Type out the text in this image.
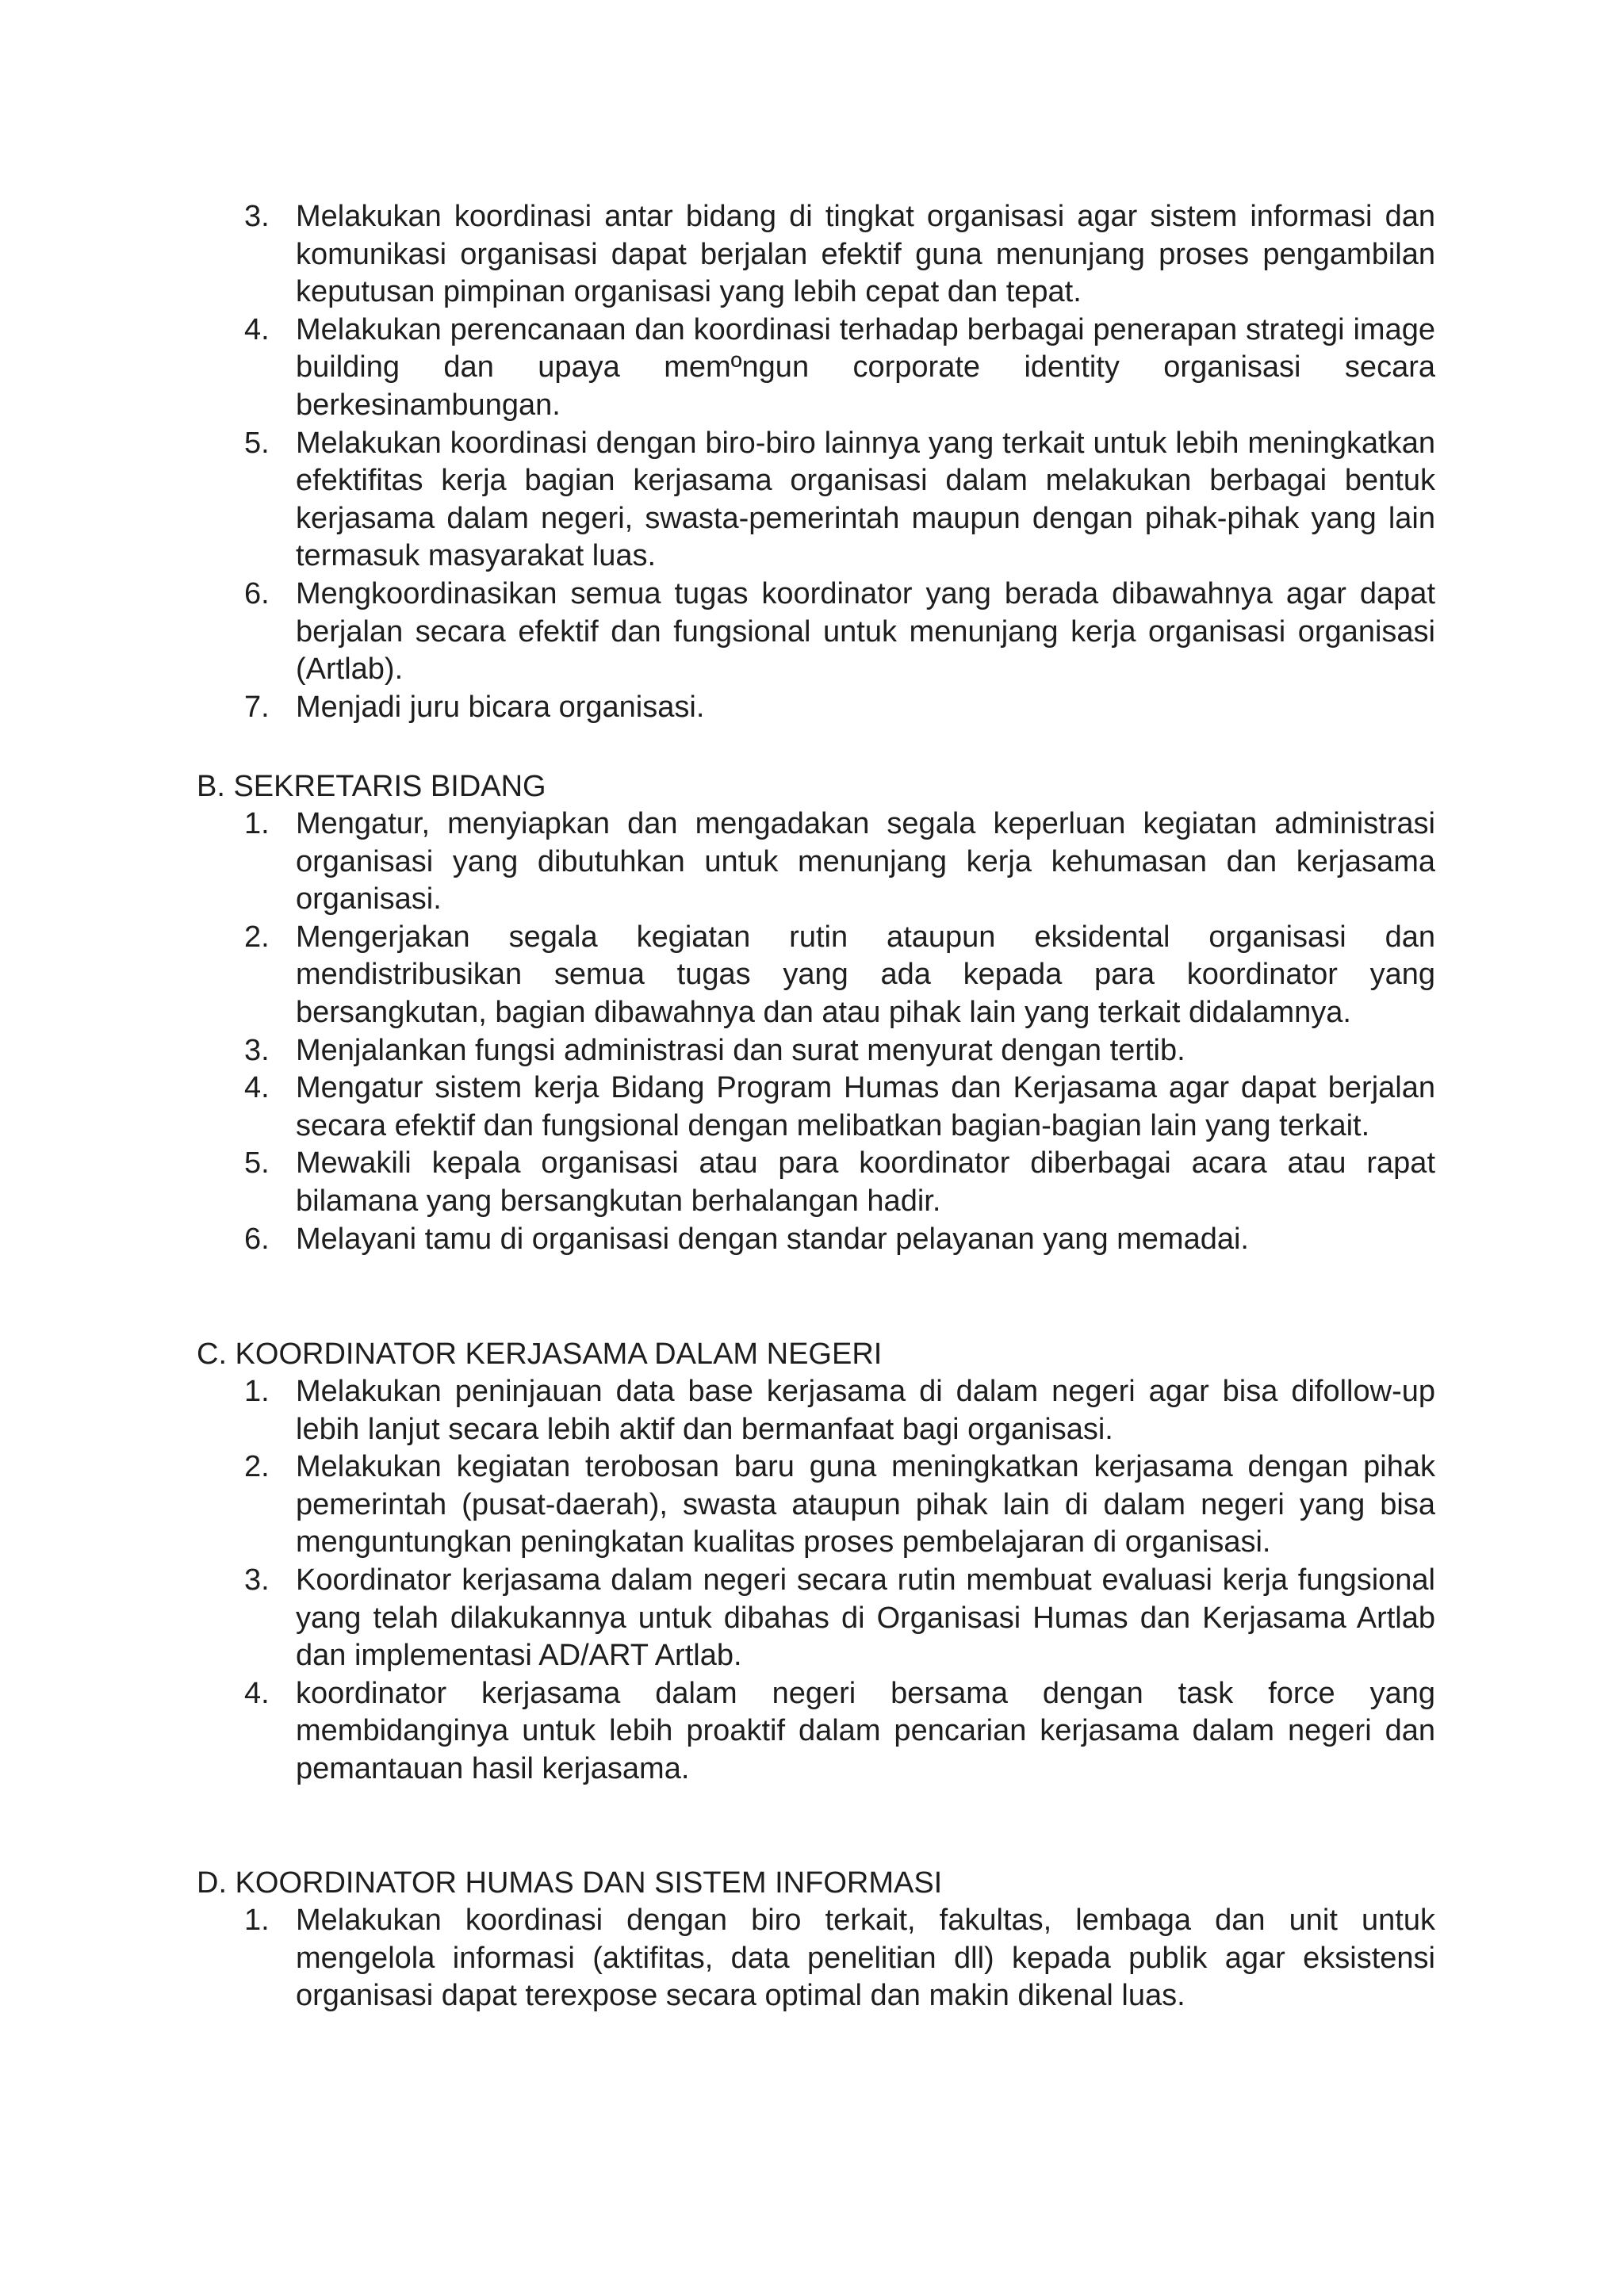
3. Melakukan koordinasi antar bidang di tingkat organisasi agar sistem informasi dan komunikasi organisasi dapat berjalan efektif guna menunjang proses pengambilan keputusan pimpinan organisasi yang lebih cepat dan tepat.
4. Melakukan perencanaan dan koordinasi terhadap berbagai penerapan strategi image building dan upaya memºngun corporate identity organisasi secara berkesinambungan.
5. Melakukan koordinasi dengan biro-biro lainnya yang terkait untuk lebih meningkatkan efektifitas kerja bagian kerjasama organisasi dalam melakukan berbagai bentuk kerjasama dalam negeri, swasta-pemerintah maupun dengan pihak-pihak yang lain termasuk masyarakat luas.
6. Mengkoordinasikan semua tugas koordinator yang berada dibawahnya agar dapat berjalan secara efektif dan fungsional untuk menunjang kerja organisasi organisasi (Artlab).
7. Menjadi juru bicara organisasi.
B. SEKRETARIS BIDANG
1. Mengatur, menyiapkan dan mengadakan segala keperluan kegiatan administrasi organisasi yang dibutuhkan untuk menunjang kerja kehumasan dan kerjasama organisasi.
2. Mengerjakan segala kegiatan rutin ataupun eksidental organisasi dan mendistribusikan semua tugas yang ada kepada para koordinator yang bersangkutan, bagian dibawahnya dan atau pihak lain yang terkait didalamnya.
3. Menjalankan fungsi administrasi dan surat menyurat dengan tertib.
4. Mengatur sistem kerja Bidang Program Humas dan Kerjasama agar dapat berjalan secara efektif dan fungsional dengan melibatkan bagian-bagian lain yang terkait.
5. Mewakili kepala organisasi atau para koordinator diberbagai acara atau rapat bilamana yang bersangkutan berhalangan hadir.
6. Melayani tamu di organisasi dengan standar pelayanan yang memadai.
C. KOORDINATOR KERJASAMA DALAM NEGERI
1. Melakukan peninjauan data base kerjasama di dalam negeri agar bisa difollow-up lebih lanjut secara lebih aktif dan bermanfaat bagi organisasi.
2. Melakukan kegiatan terobosan baru guna meningkatkan kerjasama dengan pihak pemerintah (pusat-daerah), swasta ataupun pihak lain di dalam negeri yang bisa menguntungkan peningkatan kualitas proses pembelajaran di organisasi.
3. Koordinator kerjasama dalam negeri secara rutin membuat evaluasi kerja fungsional yang telah dilakukannya untuk dibahas di Organisasi Humas dan Kerjasama Artlab dan implementasi AD/ART Artlab.
4. koordinator kerjasama dalam negeri bersama dengan task force yang membidanginya untuk lebih proaktif dalam pencarian kerjasama dalam negeri dan pemantauan hasil kerjasama.
D. KOORDINATOR HUMAS DAN SISTEM INFORMASI
1. Melakukan koordinasi dengan biro terkait, fakultas, lembaga dan unit untuk mengelola informasi (aktifitas, data penelitian dll) kepada publik agar eksistensi organisasi dapat terexpose secara optimal dan makin dikenal luas.
